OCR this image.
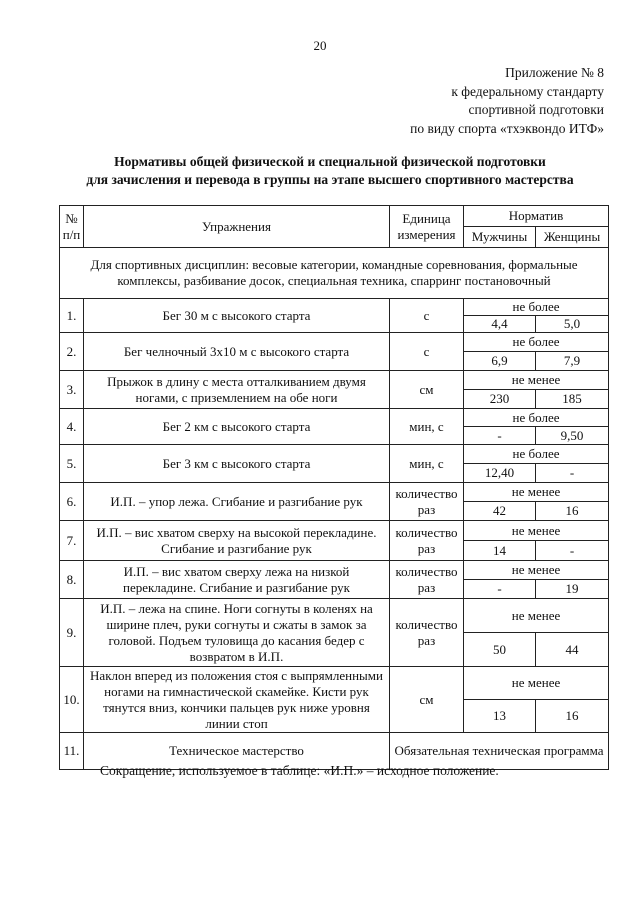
20
Приложение № 8
к федеральному стандарту
спортивной подготовки
по виду спорта «тхэквондо ИТФ»
Нормативы общей физической и специальной физической подготовки
для зачисления и перевода в группы на этапе высшего спортивного мастерства
№ п/п	Упражнения	Единица измерения	Норматив	
			Мужчины	Женщины
Для спортивных дисциплин: весовые категории, командные соревнования, формальные комплексы, разбивание досок, специальная техника, спарринг постановочный				
1.	Бег 30 м с высокого старта	с	не более	
			4,4	5,0
2.	Бег челночный 3х10 м с высокого старта	с	не более	
			6,9	7,9
3.	Прыжок в длину с места отталкиванием двумя ногами, с приземлением на обе ноги	см	не менее	
			230	185
4.	Бег 2 км с высокого старта	мин, с	не более	
			-	9,50
5.	Бег 3 км с высокого старта	мин, с	не более	
			12,40	-
6.	И.П. – упор лежа. Сгибание и разгибание рук	количество раз	не менее	
			42	16
7.	И.П. – вис хватом сверху на высокой перекладине. Сгибание и разгибание рук	количество раз	не менее	
			14	-
8.	И.П. – вис хватом сверху лежа на низкой перекладине. Сгибание и разгибание рук	количество раз	не менее	
			-	19
9.	И.П. – лежа на спине. Ноги согнуты в коленях на ширине плеч, руки согнуты и сжаты в замок за головой. Подъем туловища до касания бедер с возвратом в И.П.	количество раз	не менее	
			50	44
10.	Наклон вперед из положения стоя с выпрямленными ногами на гимнастической скамейке. Кисти рук тянутся вниз, кончики пальцев рук ниже уровня линии стоп	см	не менее	
			13	16
11.	Техническое мастерство	Обязательная техническая программа		
Сокращение, используемое в таблице: «И.П.» – исходное положение.
